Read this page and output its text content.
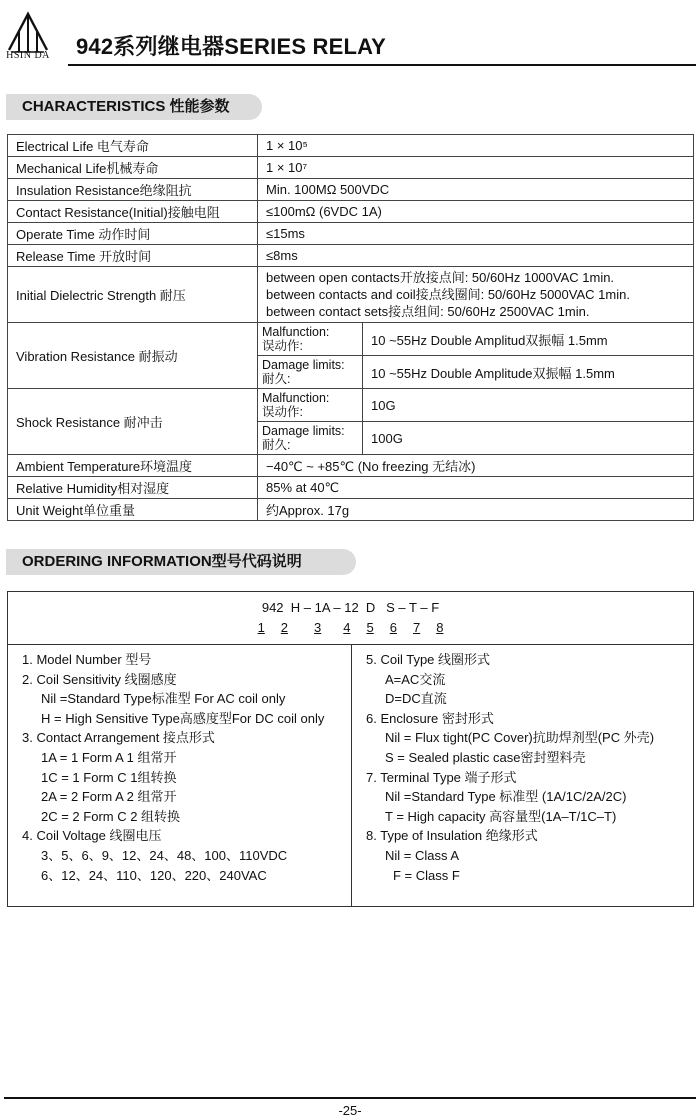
HSIN DA 942系列继电器SERIES RELAY
CHARACTERISTICS 性能参数
Electrical Life 电气寿命	1 × 10⁵	
Mechanical Life机械寿命	1 × 10⁷	
Insulation Resistance绝缘阻抗	Min. 100MΩ 500VDC	
Contact Resistance(Initial)接触电阻	≤100mΩ (6VDC 1A)	
Operate Time 动作时间	≤15ms	
Release Time 开放时间	≤8ms	
Initial Dielectric Strength 耐压	between open contacts开放接点间: 50/60Hz 1000VAC 1min.
between contacts and coil接点线圈间: 50/60Hz 5000VAC 1min.
between contact sets接点组间: 50/60Hz 2500VAC 1min.	

Vibration Resistance 耐振动	Malfunction:
误动作:	10 ~55Hz Double Amplitud双振幅 1.5mm

	Damage limits:
耐久:	10 ~55Hz Double Amplitude双振幅 1.5mm
Shock Resistance 耐冲击	Malfunction:
误动作:	10G

	Damage limits:
耐久:	100G
Ambient Temperature环境温度	−40℃ ~ +85℃ (No freezing 无结冰)	
Relative Humidity相对湿度	85% at 40℃	
Unit Weight单位重量	约Approx. 17g	
ORDERING INFORMATION型号代码说明
942  H – 1A – 12  D   S – T – F
1 2 3 4 5 6 7 8
1. Model Number 型号
2. Coil Sensitivity 线圈感度
Nil =Standard Type标准型 For AC coil only
H = High Sensitive Type高感度型For DC coil only
3. Contact Arrangement 接点形式
1A = 1 Form A 1 组常开
1C = 1 Form C 1组转换
2A = 2 Form A 2 组常开
2C = 2 Form C 2 组转换
4. Coil Voltage 线圈电压
3、5、6、9、12、24、48、100、110VDC
6、12、24、110、120、220、240VAC
5. Coil Type 线圈形式
A=AC交流
D=DC直流
6. Enclosure 密封形式
Nil = Flux tight(PC Cover)抗助焊剂型(PC 外壳)
S = Sealed plastic case密封塑料壳
7. Terminal Type 端子形式
Nil =Standard Type 标准型 (1A/1C/2A/2C)
T = High capacity 高容量型(1A–T/1C–T)
8. Type of Insulation 绝缘形式
Nil = Class A
F = Class F
-25-
